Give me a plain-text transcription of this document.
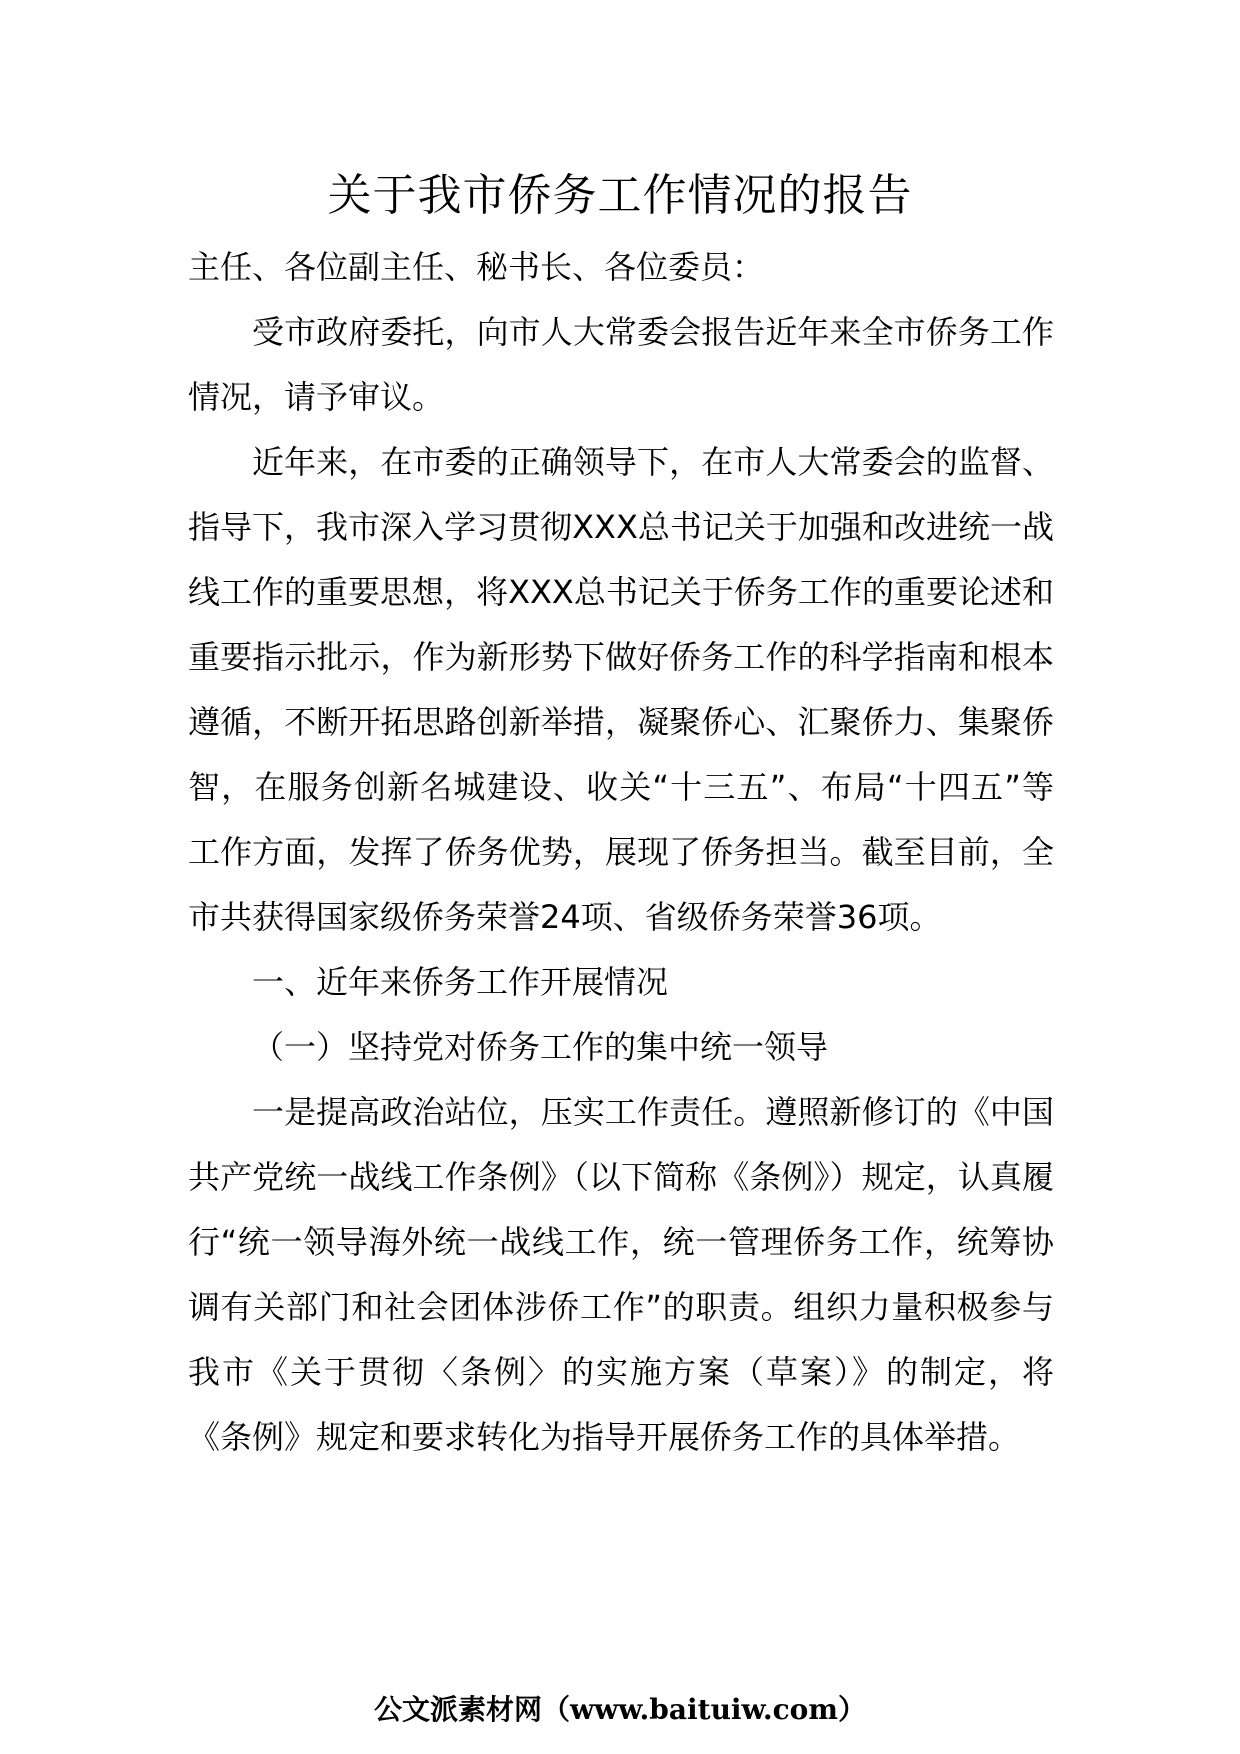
关于我市侨务工作情况的报告

主任、各位副主任、秘书长、各位委员：

受市政府委托，向市人大常委会报告近年来全市侨务工作情况，请予审议。

近年来，在市委的正确领导下，在市人大常委会的监督、指导下，我市深入学习贯彻XXX总书记关于加强和改进统一战线工作的重要思想，将XXX总书记关于侨务工作的重要论述和重要指示批示，作为新形势下做好侨务工作的科学指南和根本遵循，不断开拓思路创新举措，凝聚侨心、汇聚侨力、集聚侨智，在服务创新名城建设、收关“十三五”、布局“十四五”等工作方面，发挥了侨务优势，展现了侨务担当。截至目前，全市共获得国家级侨务荣誉24项、省级侨务荣誉36项。

一、近年来侨务工作开展情况

（一）坚持党对侨务工作的集中统一领导

一是提高政治站位，压实工作责任。遵照新修订的《中国共产党统一战线工作条例》（以下简称《条例》）规定，认真履行“统一领导海外统一战线工作，统一管理侨务工作，统筹协调有关部门和社会团体涉侨工作”的职责。组织力量积极参与我市《关于贯彻〈条例〉的实施方案（草案）》的制定，将《条例》规定和要求转化为指导开展侨务工作的具体举措。

公文派素材网（www.baituiw.com）
